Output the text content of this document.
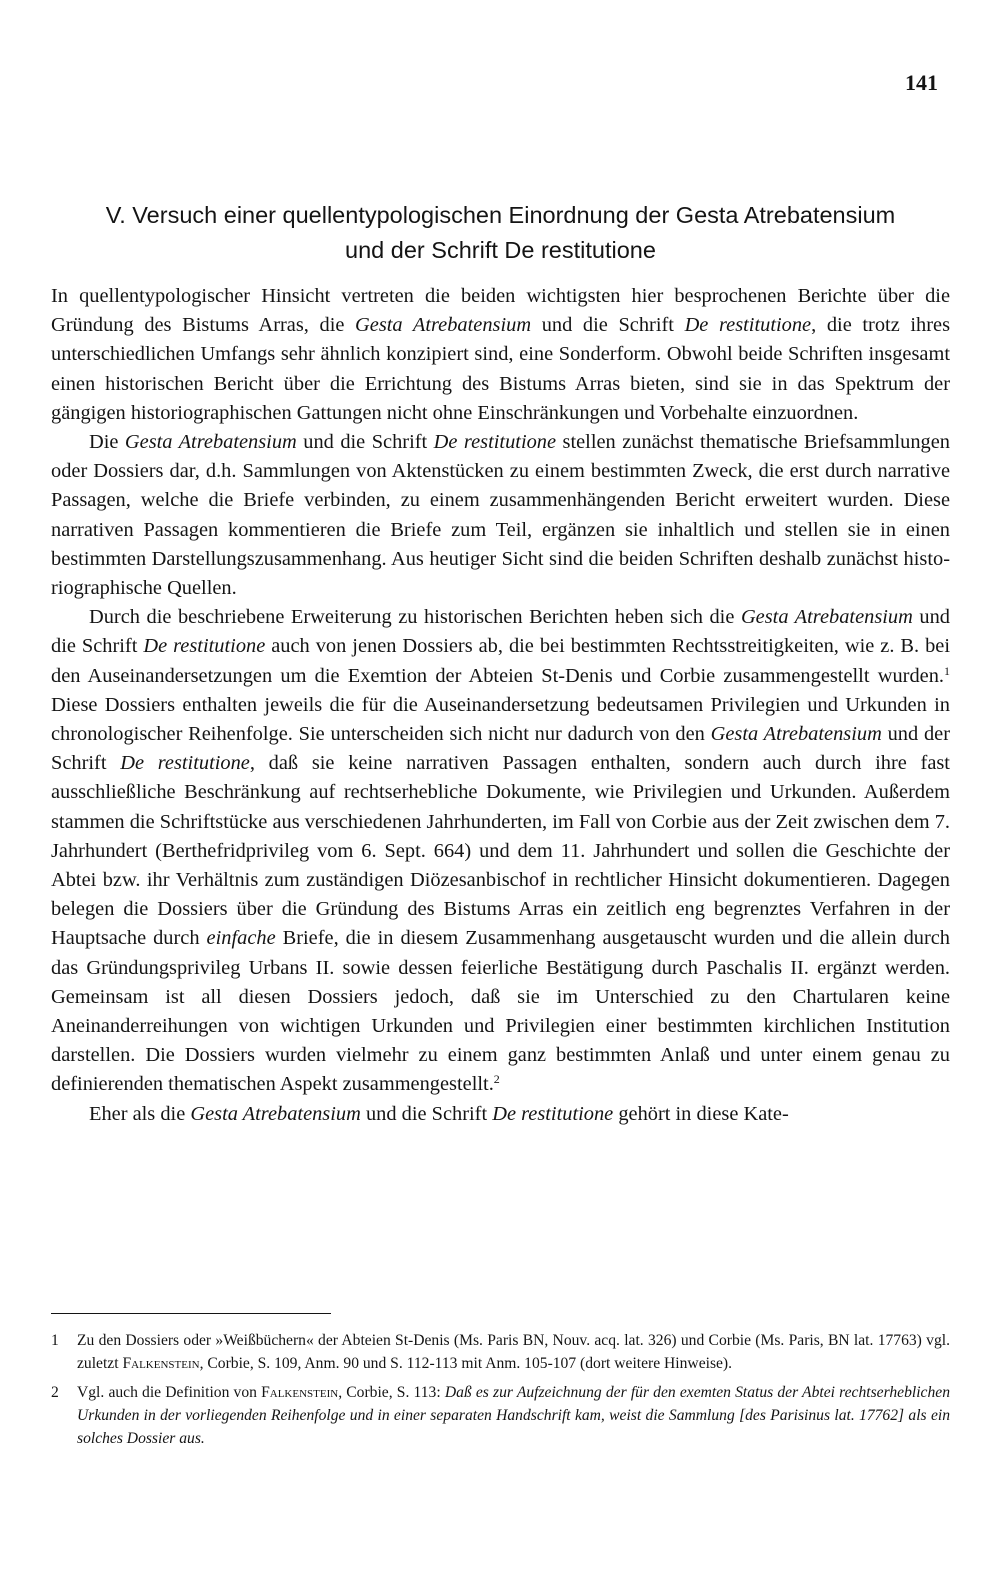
141

V. Versuch einer quellentypologischen Einordnung der Gesta Atrebatensium
und der Schrift De restitutione

In quellentypologischer Hinsicht vertreten die beiden wichtigsten hier besprochenen Berichte über die Gründung des Bistums Arras, die Gesta Atrebatensium und die Schrift De restitutione, die trotz ihres unterschiedlichen Umfangs sehr ähnlich konzipiert sind, eine Sonderform. Obwohl beide Schriften insgesamt einen historischen Bericht über die Errichtung des Bistums Arras bieten, sind sie in das Spektrum der gängigen historiographischen Gattungen nicht ohne Einschränkungen und Vorbehalte einzuordnen.

Die Gesta Atrebatensium und die Schrift De restitutione stellen zunächst thematische Briefsammlungen oder Dossiers dar, d.h. Sammlungen von Aktenstücken zu einem bestimmten Zweck, die erst durch narrative Passagen, welche die Briefe verbinden, zu einem zusammenhängenden Bericht erweitert wurden. Diese narrativen Passagen kommentieren die Briefe zum Teil, ergänzen sie inhaltlich und stellen sie in einen bestimmten Darstellungszusammenhang. Aus heutiger Sicht sind die beiden Schriften deshalb zunächst historiographische Quellen.

Durch die beschriebene Erweiterung zu historischen Berichten heben sich die Gesta Atrebatensium und die Schrift De restitutione auch von jenen Dossiers ab, die bei bestimmten Rechtsstreitigkeiten, wie z. B. bei den Auseinandersetzungen um die Exemtion der Abteien St-Denis und Corbie zusammengestellt wurden.$^1$ Diese Dossiers enthalten jeweils die für die Auseinandersetzung bedeutsamen Privilegien und Urkunden in chronologischer Reihenfolge. Sie unterscheiden sich nicht nur dadurch von den Gesta Atrebatensium und der Schrift De restitutione, daß sie keine narrativen Passagen enthalten, sondern auch durch ihre fast ausschließliche Beschränkung auf rechtserhebliche Dokumente, wie Privilegien und Urkunden. Außerdem stammen die Schriftstücke aus verschiedenen Jahrhunderten, im Fall von Corbie aus der Zeit zwischen dem 7. Jahrhundert (Berthefridprivileg vom 6. Sept. 664) und dem 11. Jahrhundert und sollen die Geschichte der Abtei bzw. ihr Verhältnis zum zuständigen Diözesanbischof in rechtlicher Hinsicht dokumentieren. Dagegen belegen die Dossiers über die Gründung des Bistums Arras ein zeitlich eng begrenztes Verfahren in der Hauptsache durch einfache Briefe, die in diesem Zusammenhang ausgetauscht wurden und die allein durch das Gründungsprivileg Urbans II. sowie dessen feierliche Bestätigung durch Paschalis II. ergänzt werden. Gemeinsam ist all diesen Dossiers jedoch, daß sie im Unterschied zu den Chartularen keine Aneinanderreihungen von wichtigen Urkunden und Privilegien einer bestimmten kirchlichen Institution darstellen. Die Dossiers wurden vielmehr zu einem ganz bestimmten Anlaß und unter einem genau zu definierenden thematischen Aspekt zusammengestellt.$^2$

Eher als die Gesta Atrebatensium und die Schrift De restitutione gehört in diese Kate-

1	Zu den Dossiers oder »Weißbüchern« der Abteien St-Denis (Ms. Paris BN, Nouv. acq. lat. 326) und Corbie (Ms. Paris, BN lat. 17763) vgl. zuletzt Falkenstein, Corbie, S. 109, Anm. 90 und S. 112-113 mit Anm. 105-107 (dort weitere Hinweise).
2	Vgl. auch die Definition von Falkenstein, Corbie, S. 113: Daß es zur Aufzeichnung der für den exemten Status der Abtei rechtserheblichen Urkunden in der vorliegenden Reihenfolge und in einer separaten Handschrift kam, weist die Sammlung [des Parisinus lat. 17762] als ein solches Dossier aus.
